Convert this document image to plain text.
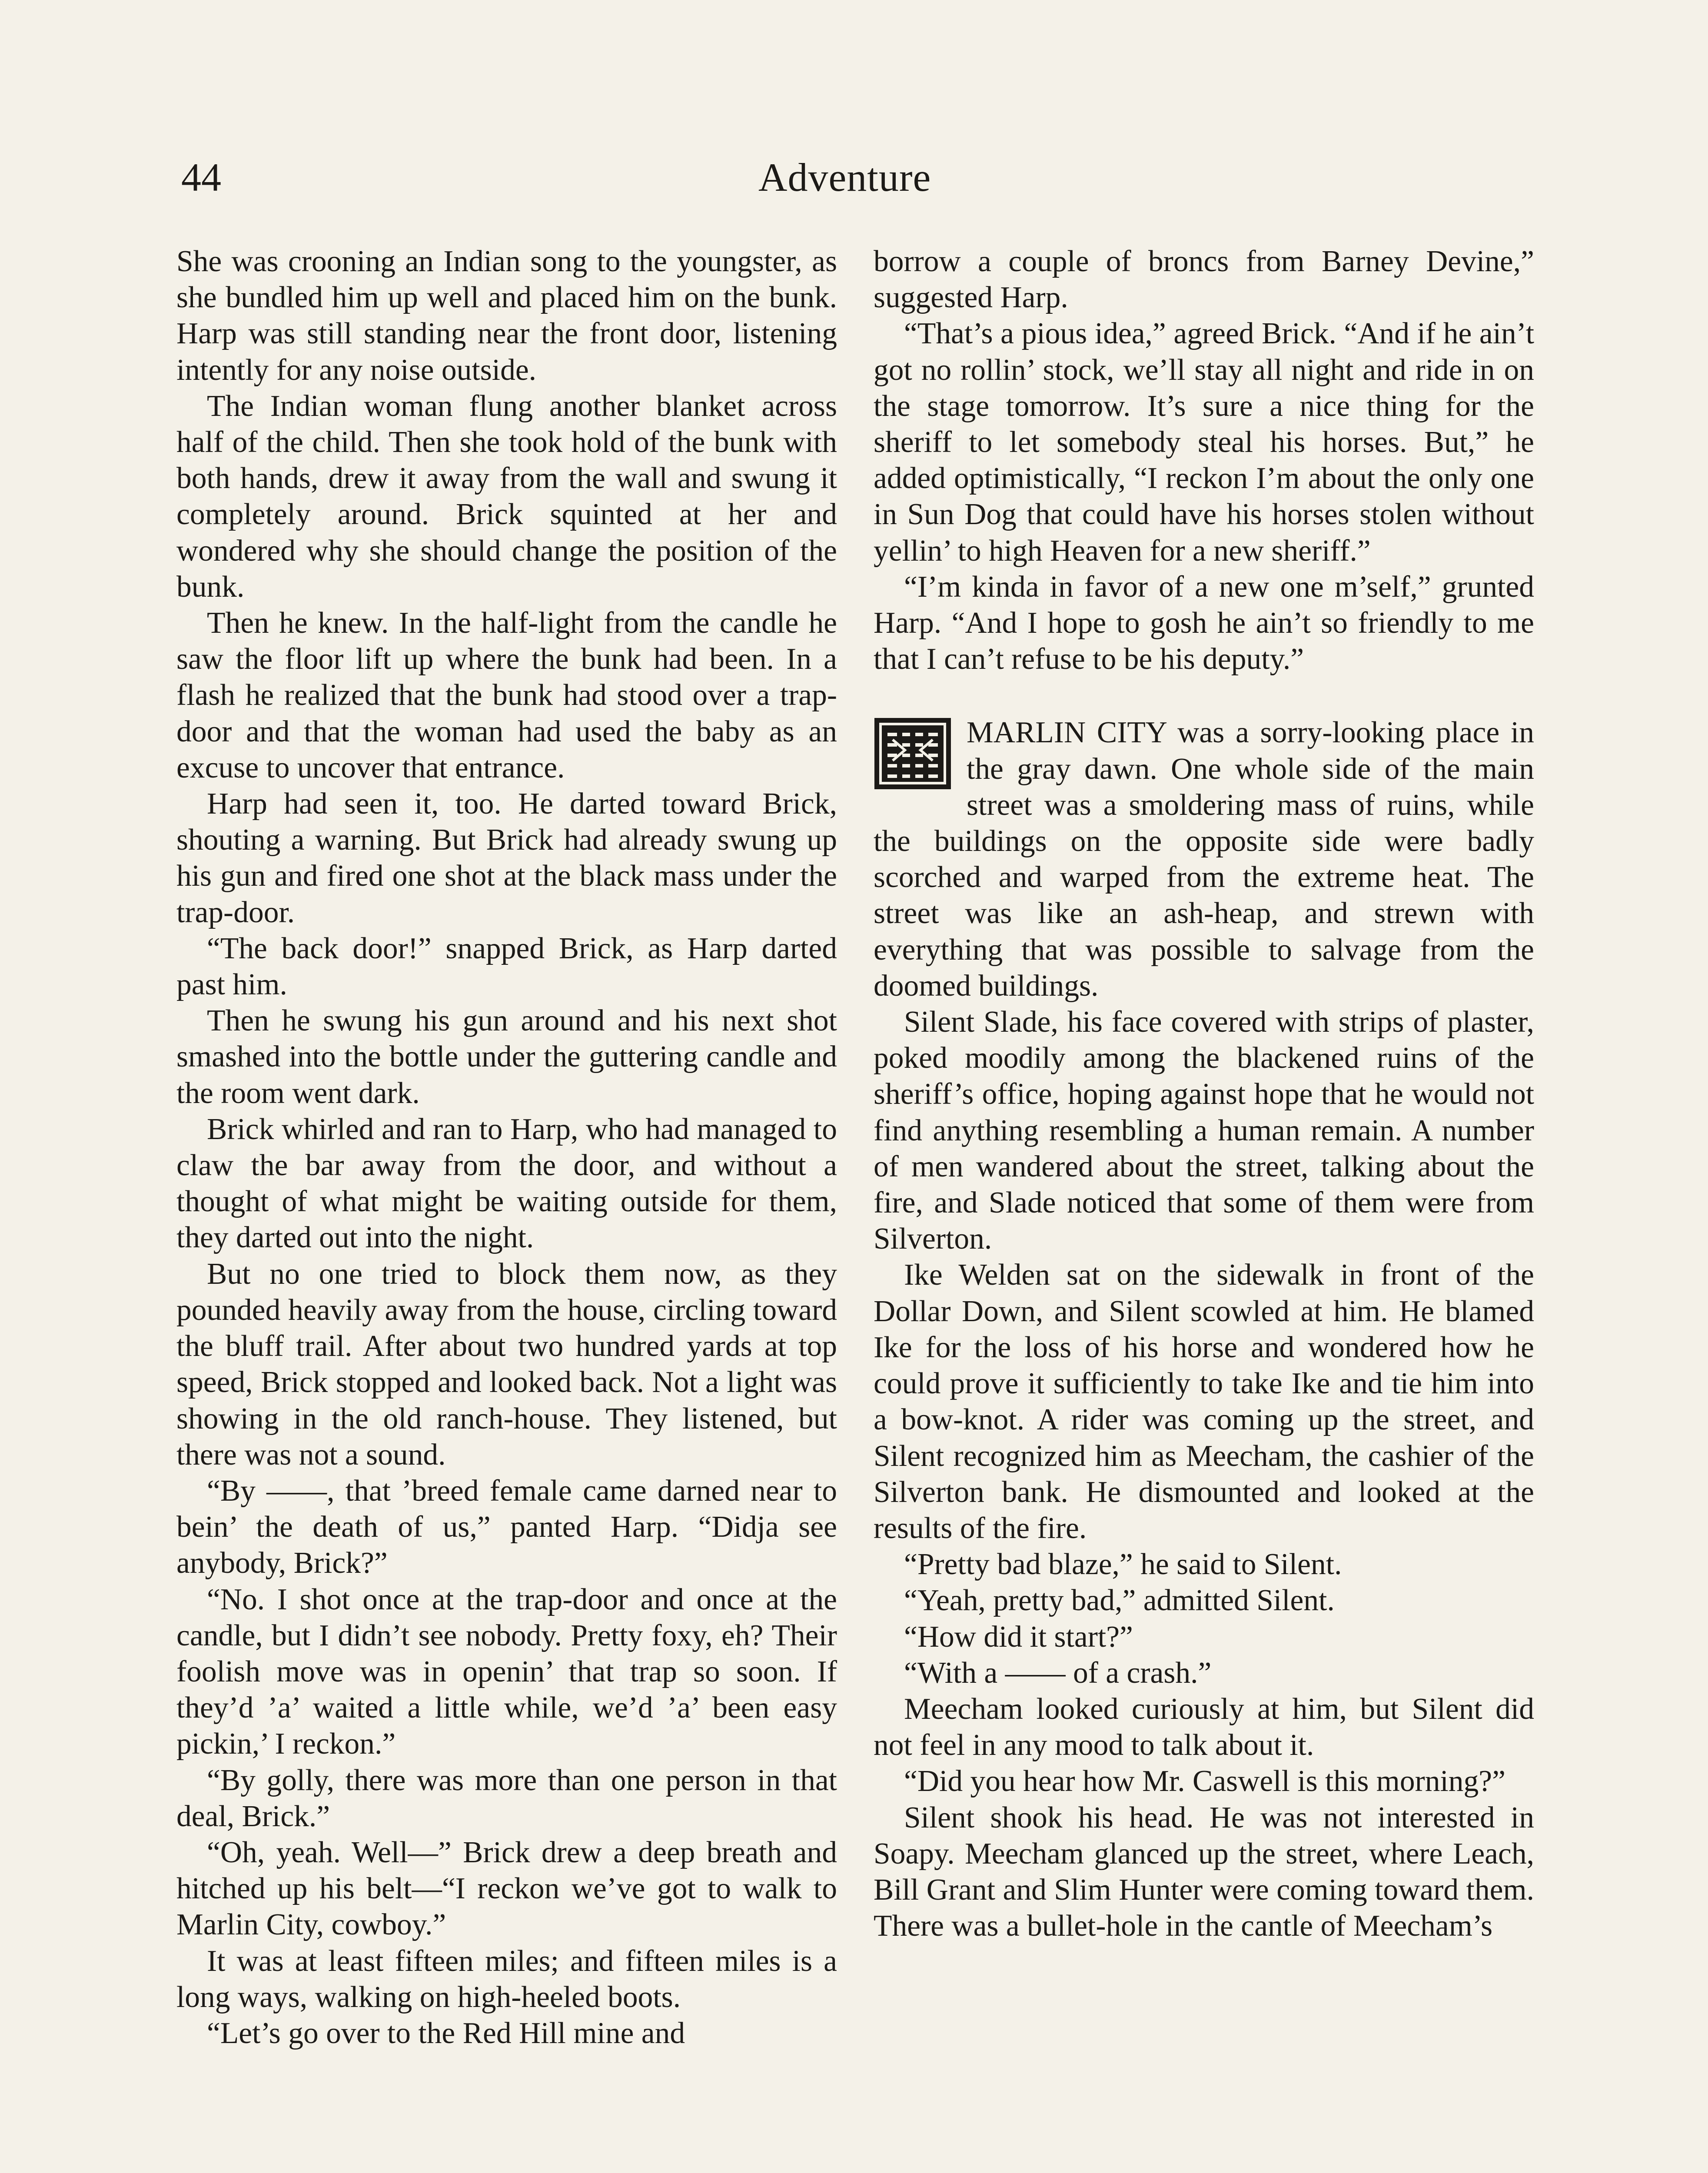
44	Adventure

She was crooning an Indian song to the youngster, as she bundled him up well and placed him on the bunk. Harp was still standing near the front door, listening intently for any noise outside.

The Indian woman flung another blanket across half of the child. Then she took hold of the bunk with both hands, drew it away from the wall and swung it completely around. Brick squinted at her and wondered why she should change the position of the bunk.

Then he knew. In the half-light from the candle he saw the floor lift up where the bunk had been. In a flash he realized that the bunk had stood over a trap-door and that the woman had used the baby as an excuse to uncover that entrance.

Harp had seen it, too. He darted toward Brick, shouting a warning. But Brick had already swung up his gun and fired one shot at the black mass under the trap-door.

“The back door!” snapped Brick, as Harp darted past him.

Then he swung his gun around and his next shot smashed into the bottle under the guttering candle and the room went dark.

Brick whirled and ran to Harp, who had managed to claw the bar away from the door, and without a thought of what might be waiting outside for them, they darted out into the night.

But no one tried to block them now, as they pounded heavily away from the house, circling toward the bluff trail. After about two hundred yards at top speed, Brick stopped and looked back. Not a light was showing in the old ranch-house. They listened, but there was not a sound.

“By ——, that ’breed female came darned near to bein’ the death of us,” panted Harp. “Didja see anybody, Brick?”

“No. I shot once at the trap-door and once at the candle, but I didn’t see nobody. Pretty foxy, eh? Their foolish move was in openin’ that trap so soon. If they’d ’a’ waited a little while, we’d ’a’ been easy pickin,’ I reckon.”

“By golly, there was more than one person in that deal, Brick.”

“Oh, yeah. Well—” Brick drew a deep breath and hitched up his belt—“I reckon we’ve got to walk to Marlin City, cowboy.”

It was at least fifteen miles; and fifteen miles is a long ways, walking on high-heeled boots.

“Let’s go over to the Red Hill mine and

borrow a couple of broncs from Barney Devine,” suggested Harp.

“That’s a pious idea,” agreed Brick. “And if he ain’t got no rollin’ stock, we’ll stay all night and ride in on the stage tomorrow. It’s sure a nice thing for the sheriff to let somebody steal his horses. But,” he added optimistically, “I reckon I’m about the only one in Sun Dog that could have his horses stolen without yellin’ to high Heaven for a new sheriff.”

“I’m kinda in favor of a new one m’self,” grunted Harp. “And I hope to gosh he ain’t so friendly to me that I can’t refuse to be his deputy.”

MARLIN CITY was a sorry-looking place in the gray dawn. One whole side of the main street was a smoldering mass of ruins, while the buildings on the opposite side were badly scorched and warped from the extreme heat. The street was like an ash-heap, and strewn with everything that was possible to salvage from the doomed buildings.

Silent Slade, his face covered with strips of plaster, poked moodily among the blackened ruins of the sheriff’s office, hoping against hope that he would not find anything resembling a human remain. A number of men wandered about the street, talking about the fire, and Slade noticed that some of them were from Silverton.

Ike Welden sat on the sidewalk in front of the Dollar Down, and Silent scowled at him. He blamed Ike for the loss of his horse and wondered how he could prove it sufficiently to take Ike and tie him into a bow-knot. A rider was coming up the street, and Silent recognized him as Meecham, the cashier of the Silverton bank. He dismounted and looked at the results of the fire.

“Pretty bad blaze,” he said to Silent.

“Yeah, pretty bad,” admitted Silent.

“How did it start?”

“With a —— of a crash.”

Meecham looked curiously at him, but Silent did not feel in any mood to talk about it.

“Did you hear how Mr. Caswell is this morning?”

Silent shook his head. He was not interested in Soapy. Meecham glanced up the street, where Leach, Bill Grant and Slim Hunter were coming toward them. There was a bullet-hole in the cantle of Meecham’s
